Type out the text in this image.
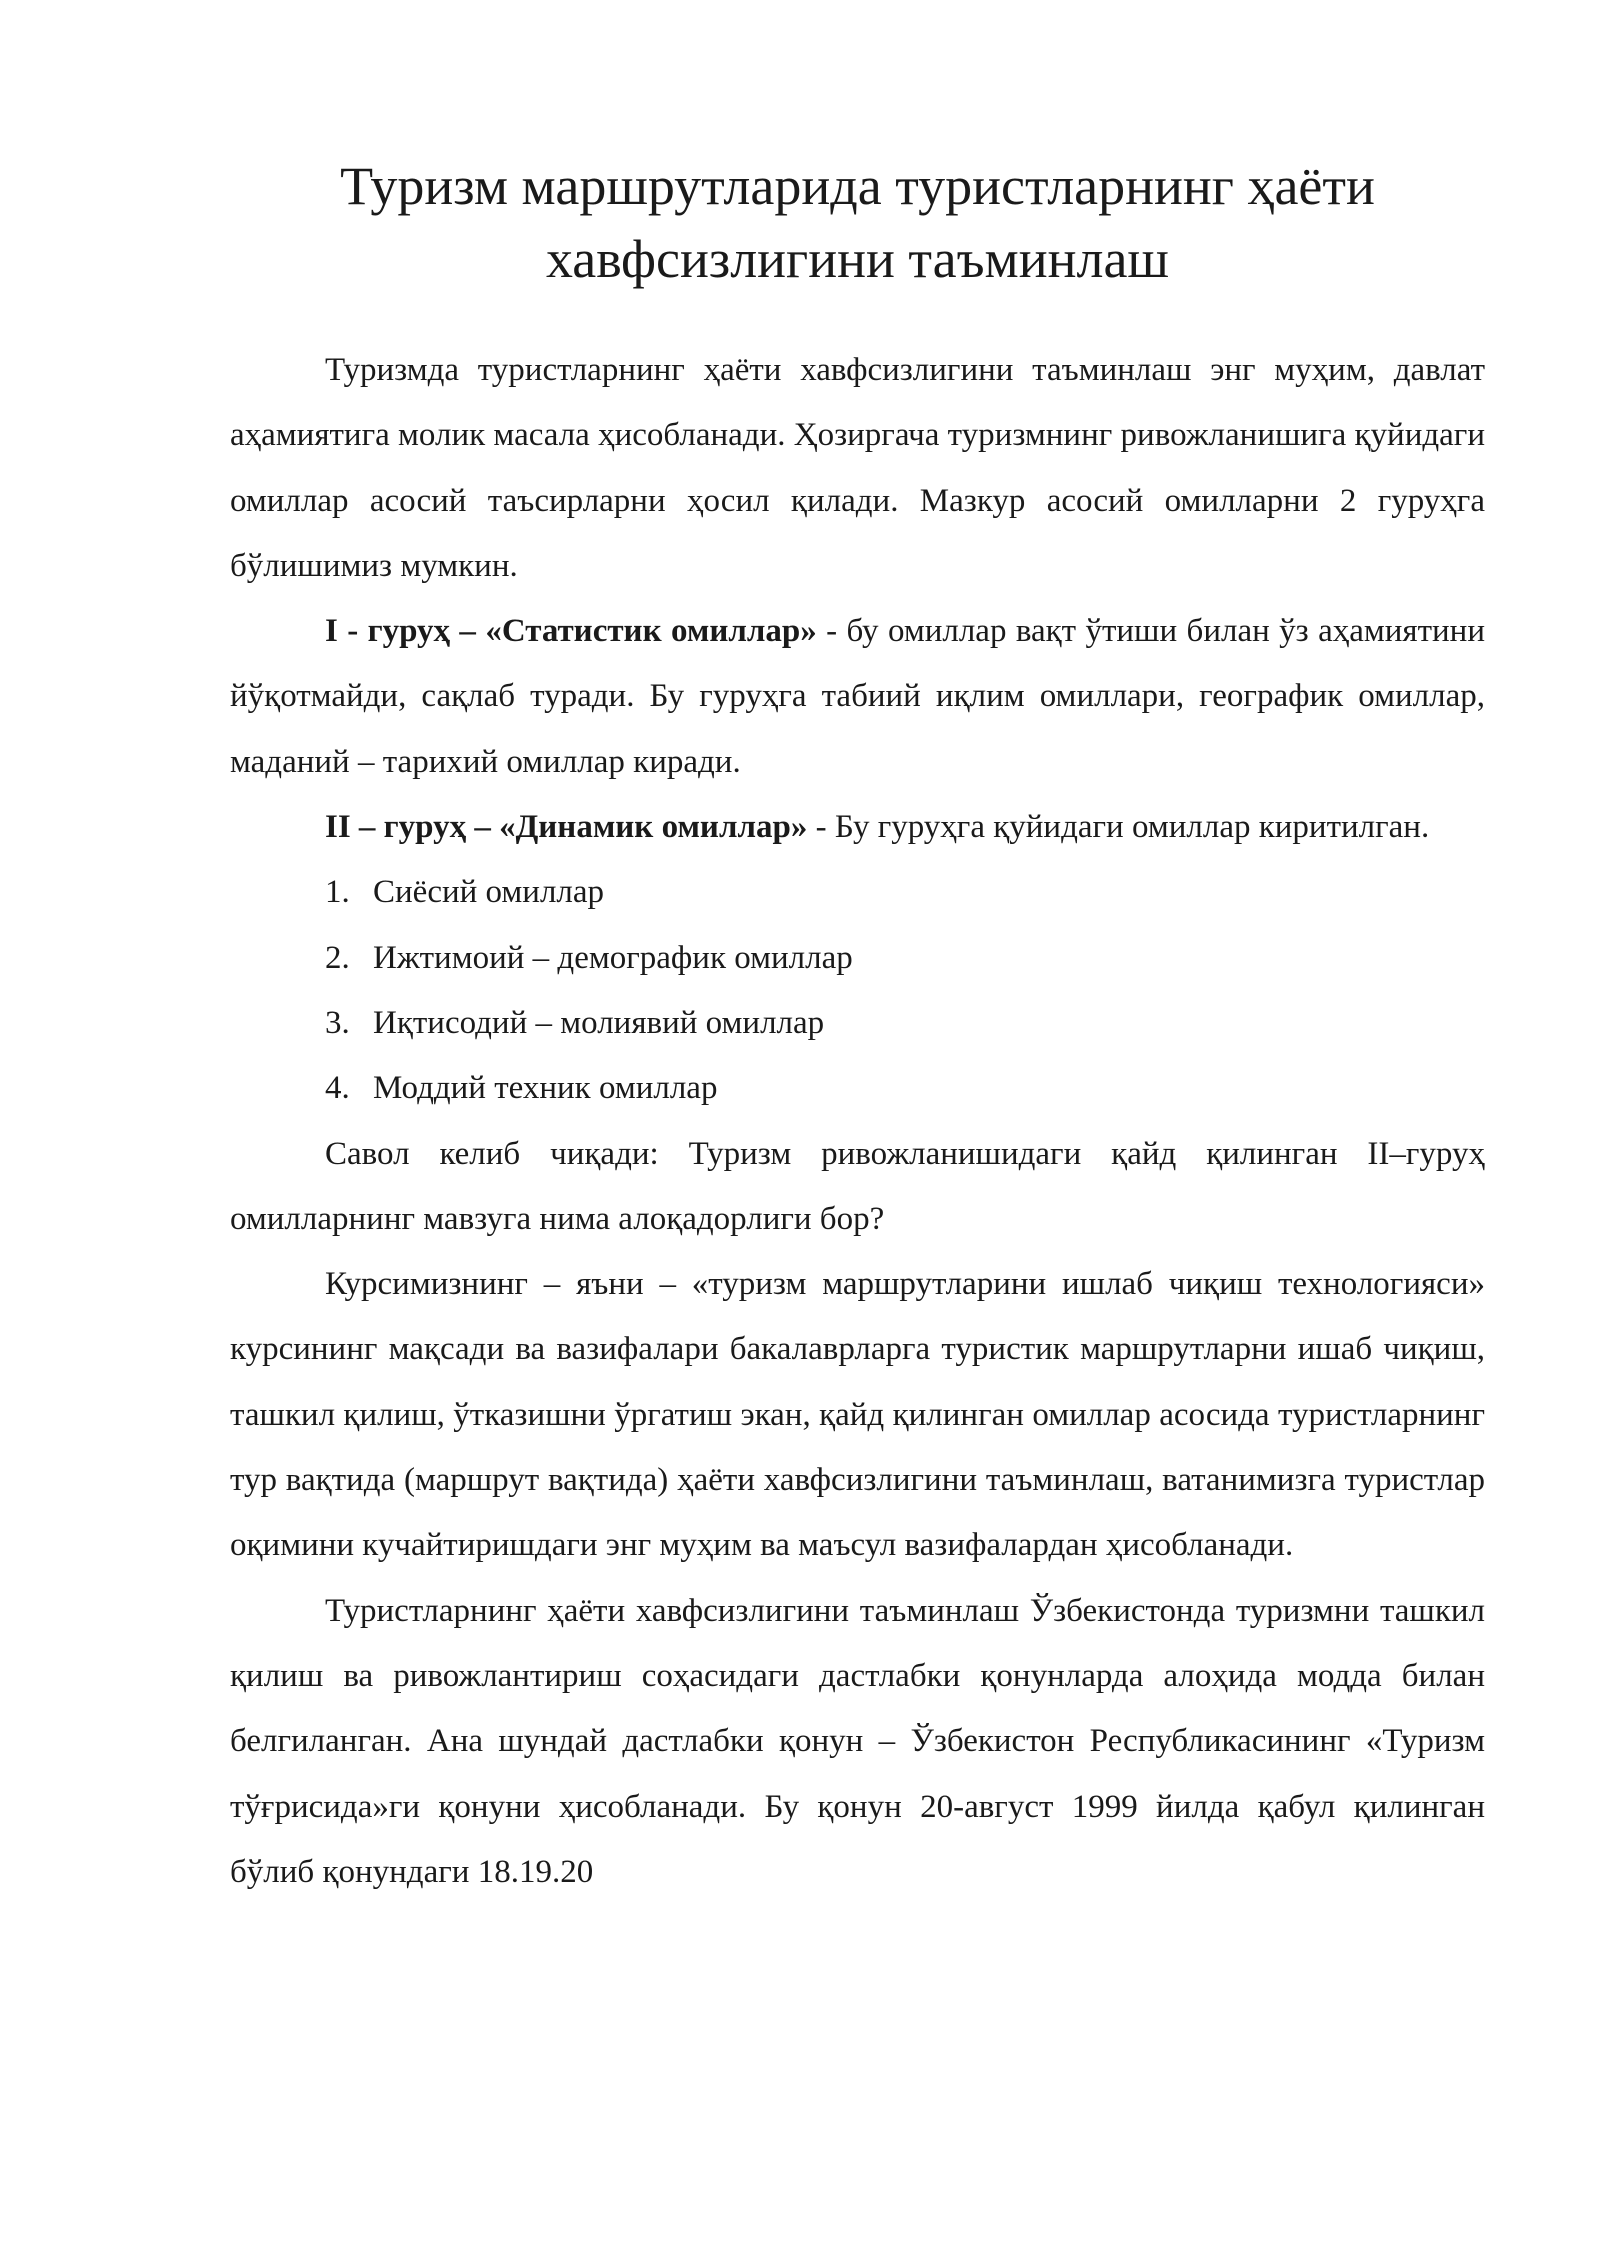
Туризм маршрутларида туристларнинг ҳаёти
хавфсизлигини таъминлаш

Туризмда туристларнинг ҳаёти хавфсизлигини таъминлаш энг муҳим, давлат аҳамиятига молик масала ҳисобланади. Ҳозиргача туризмнинг ривожланишига қуйидаги омиллар асосий таъсирларни ҳосил қилади. Мазкур асосий омилларни 2 гуруҳга бўлишимиз мумкин.

I - гуруҳ – «Статистик омиллар» - бу омиллар вақт ўтиши билан ўз аҳамиятини йўқотмайди, сақлаб туради. Бу гуруҳга табиий иқлим омиллари, географик омиллар, маданий – тарихий омиллар киради.

II – гуруҳ – «Динамик омиллар» - Бу гуруҳга қуйидаги омиллар киритилган.

1. Сиёсий омиллар
2. Ижтимоий – демографик омиллар
3. Иқтисодий – молиявий омиллар
4. Моддий техник омиллар

Савол келиб чиқади: Туризм ривожланишидаги қайд қилинган II–гуруҳ омилларнинг мавзуга нима алоқадорлиги бор?

Курсимизнинг – яъни – «туризм маршрутларини ишлаб чиқиш технологияси» курсининг мақсади ва вазифалари бакалаврларга туристик маршрутларни ишаб чиқиш, ташкил қилиш, ўтказишни ўргатиш экан, қайд қилинган омиллар асосида туристларнинг тур вақтида (маршрут вақтида) ҳаёти хавфсизлигини таъминлаш, ватанимизга туристлар оқимини кучайтиришдаги энг муҳим ва маъсул вазифалардан ҳисобланади.

Туристларнинг ҳаёти хавфсизлигини таъминлаш Ўзбекистонда туризмни ташкил қилиш ва ривожлантириш соҳасидаги дастлабки қонунларда алоҳида модда билан белгиланган. Ана шундай дастлабки қонун – Ўзбекистон Республикасининг «Туризм тўғрисида»ги қонуни ҳисобланади. Бу қонун 20-август 1999 йилда қабул қилинган бўлиб қонундаги 18.19.20
